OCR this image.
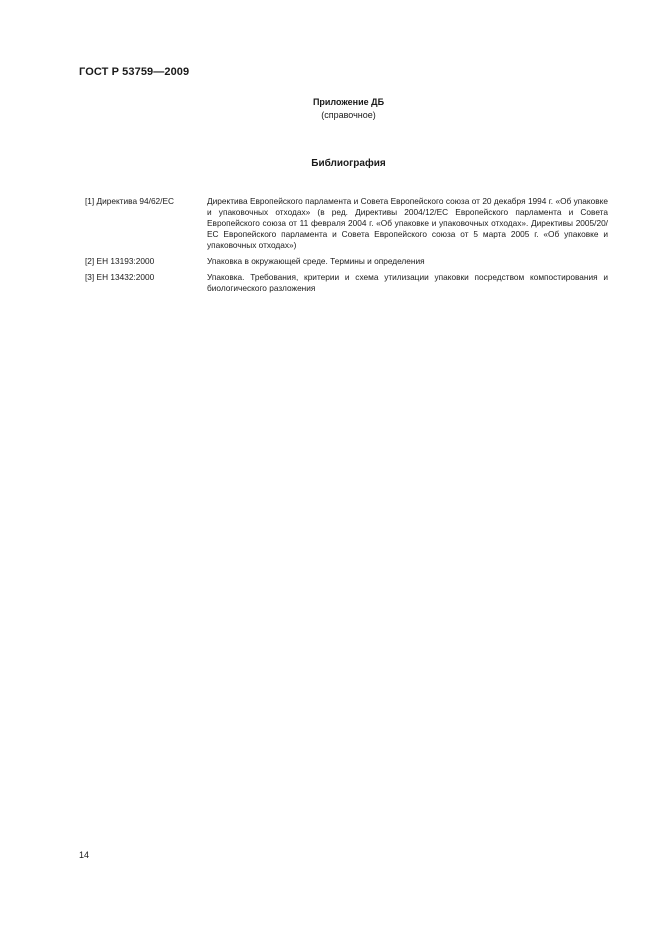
ГОСТ Р 53759—2009
Приложение ДБ
(справочное)
Библиография
[1] Директива 94/62/ЕС	Директива Европейского парламента и Совета Европейского союза от 20 декабря 1994 г. «Об упаковке и упаковочных отходах» (в ред. Директивы 2004/12/ЕС Европейского парламента и Совета Европейского союза от 11 февраля 2004 г. «Об упаковке и упаковочных отходах». Директивы 2005/20/ЕС Европейского парламента и Совета Европейского союза от 5 марта 2005 г. «Об упаковке и упаковочных отходах»)
[2] ЕН 13193:2000	Упаковка в окружающей среде. Термины и определения
[3] ЕН 13432:2000	Упаковка. Требования, критерии и схема утилизации упаковки посредством компостирования и биологического разложения
14
